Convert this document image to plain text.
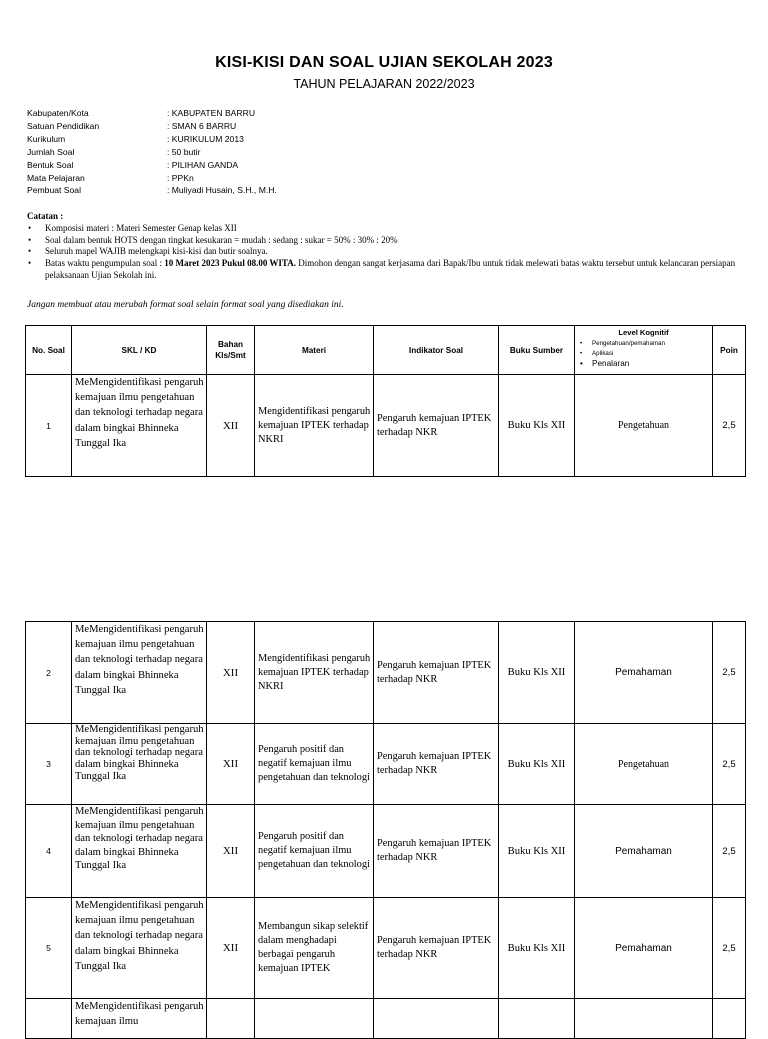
KISI-KISI DAN SOAL UJIAN SEKOLAH 2023
TAHUN PELAJARAN 2022/2023
Kabupaten/Kota	: KABUPATEN BARRU
Satuan Pendidikan	: SMAN 6 BARRU
Kurikulum	: KURIKULUM 2013
Jumlah Soal	: 50 butir
Bentuk Soal	: PILIHAN GANDA
Mata Pelajaran	: PPKn
Pembuat Soal	: Muliyadi Husain, S.H., M.H.
Catatan :
• Komposisi materi : Materi Semester Genap kelas XII
• Soal dalam bentuk HOTS dengan tingkat kesukaran = mudah : sedang : sukar = 50% : 30% : 20%
• Seluruh mapel WAJIB melengkapi kisi-kisi dan butir soalnya.
• Batas waktu pengumpulan soal : 10 Maret 2023 Pukul 08.00 WITA. Dimohon dengan sangat kerjasama dari Bapak/Ibu untuk tidak melewati batas waktu tersebut untuk kelancaran persiapan pelaksanaan Ujian Sekolah ini.
Jangan membuat atau merubah format soal selain format soal yang disediakan ini.
No. Soal	SKL / KD	Bahan Kls/Smt	Materi	Indikator Soal	Buku Sumber	Level Kognitif
• Pengetahuan/pemahaman
• Aplikasi
• Penalaran	Poin
1	MeMengidentifikasi pengaruh kemajuan ilmu pengetahuan dan teknologi terhadap negara dalam bingkai Bhinneka Tunggal Ika	XII	Mengidentifikasi pengaruh kemajuan IPTEK terhadap NKRI	Pengaruh kemajuan IPTEK terhadap NKR	Buku Kls XII	Pengetahuan	2,5
2	MeMengidentifikasi pengaruh kemajuan ilmu pengetahuan dan teknologi terhadap negara dalam bingkai Bhinneka Tunggal Ika	XII	Mengidentifikasi pengaruh kemajuan IPTEK terhadap NKRI	Pengaruh kemajuan IPTEK terhadap NKR	Buku Kls XII	Pemahaman	2,5
3	MeMengidentifikasi pengaruh kemajuan ilmu pengetahuan dan teknologi terhadap negara dalam bingkai Bhinneka Tunggal Ika	XII	Pengaruh positif dan negatif kemajuan ilmu pengetahuan dan teknologi	Pengaruh kemajuan IPTEK terhadap NKR	Buku Kls XII	Pengetahuan	2,5
4	MeMengidentifikasi pengaruh kemajuan ilmu pengetahuan dan teknologi terhadap negara dalam bingkai Bhinneka Tunggal Ika	XII	Pengaruh positif dan negatif kemajuan ilmu pengetahuan dan teknologi	Pengaruh kemajuan IPTEK terhadap NKR	Buku Kls XII	Pemahaman	2,5
5	MeMengidentifikasi pengaruh kemajuan ilmu pengetahuan dan teknologi terhadap negara dalam bingkai Bhinneka Tunggal Ika	XII	Membangun sikap selektif dalam menghadapi berbagai pengaruh kemajuan IPTEK	Pengaruh kemajuan IPTEK terhadap NKR	Buku Kls XII	Pemahaman	2,5
	MeMengidentifikasi pengaruh kemajuan ilmu						
